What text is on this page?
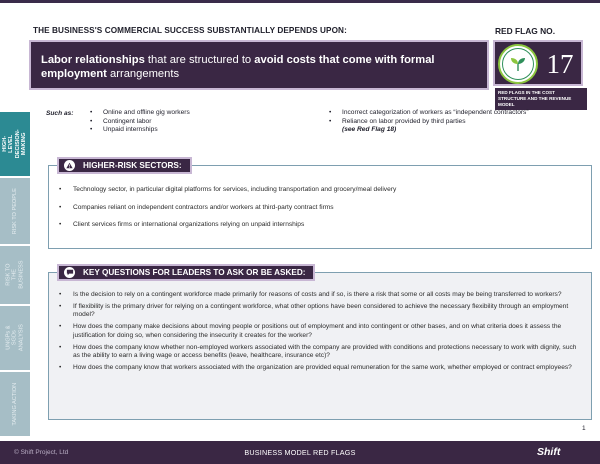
THE BUSINESS'S COMMERCIAL SUCCESS SUBSTANTIALLY DEPENDS UPON:	RED FLAG NO.
Labor relationships that are structured to avoid costs that come with formal employment arrangements	17
RED FLAGS IN THE COST STRUCTURE AND THE REVENUE MODEL
HIGH-LEVEL DECISION-MAKING
RISK TO PEOPLE
RISK TO THE BUSINESS
UNGPs & SGDs ANALYSIS
TAKING ACTION
Such as:
•	Online and offline gig workers
• Contingent labor
• Unpaid internships
• Incorrect categorization of workers as “independent contractors”
• Reliance on labor provided by third parties
(see Red Flag 18)
HIGHER-RISK SECTORS:
• Technology sector, in particular digital platforms for services, including transportation and grocery/meal delivery
• Companies reliant on independent contractors and/or workers at third-party contract firms
• Client services firms or international organizations relying on unpaid internships
KEY QUESTIONS FOR LEADERS TO ASK OR BE ASKED:
• Is the decision to rely on a contingent workforce made primarily for reasons of costs and if so, is there a risk that some or all costs may be being transferred to workers?
• If flexibility is the primary driver for relying on a contingent workforce, what other options have been considered to achieve the necessary flexibility through an employment model?
• How does the company make decisions about moving people or positions out of employment and into contingent or other bases, and on what criteria does it assess the justification for doing so, when considering the insecurity it creates for the worker?
• How does the company know whether non-employed workers associated with the company are provided with conditions and protections necessary to work with dignity, such as the ability to earn a living wage or access benefits (leave, healthcare, insurance etc)?
• How does the company know that workers associated with the organization are provided equal remuneration for the same work, whether employed or contract employees?
1
© Shift Project, Ltd	BUSINESS MODEL RED FLAGS	Shift
